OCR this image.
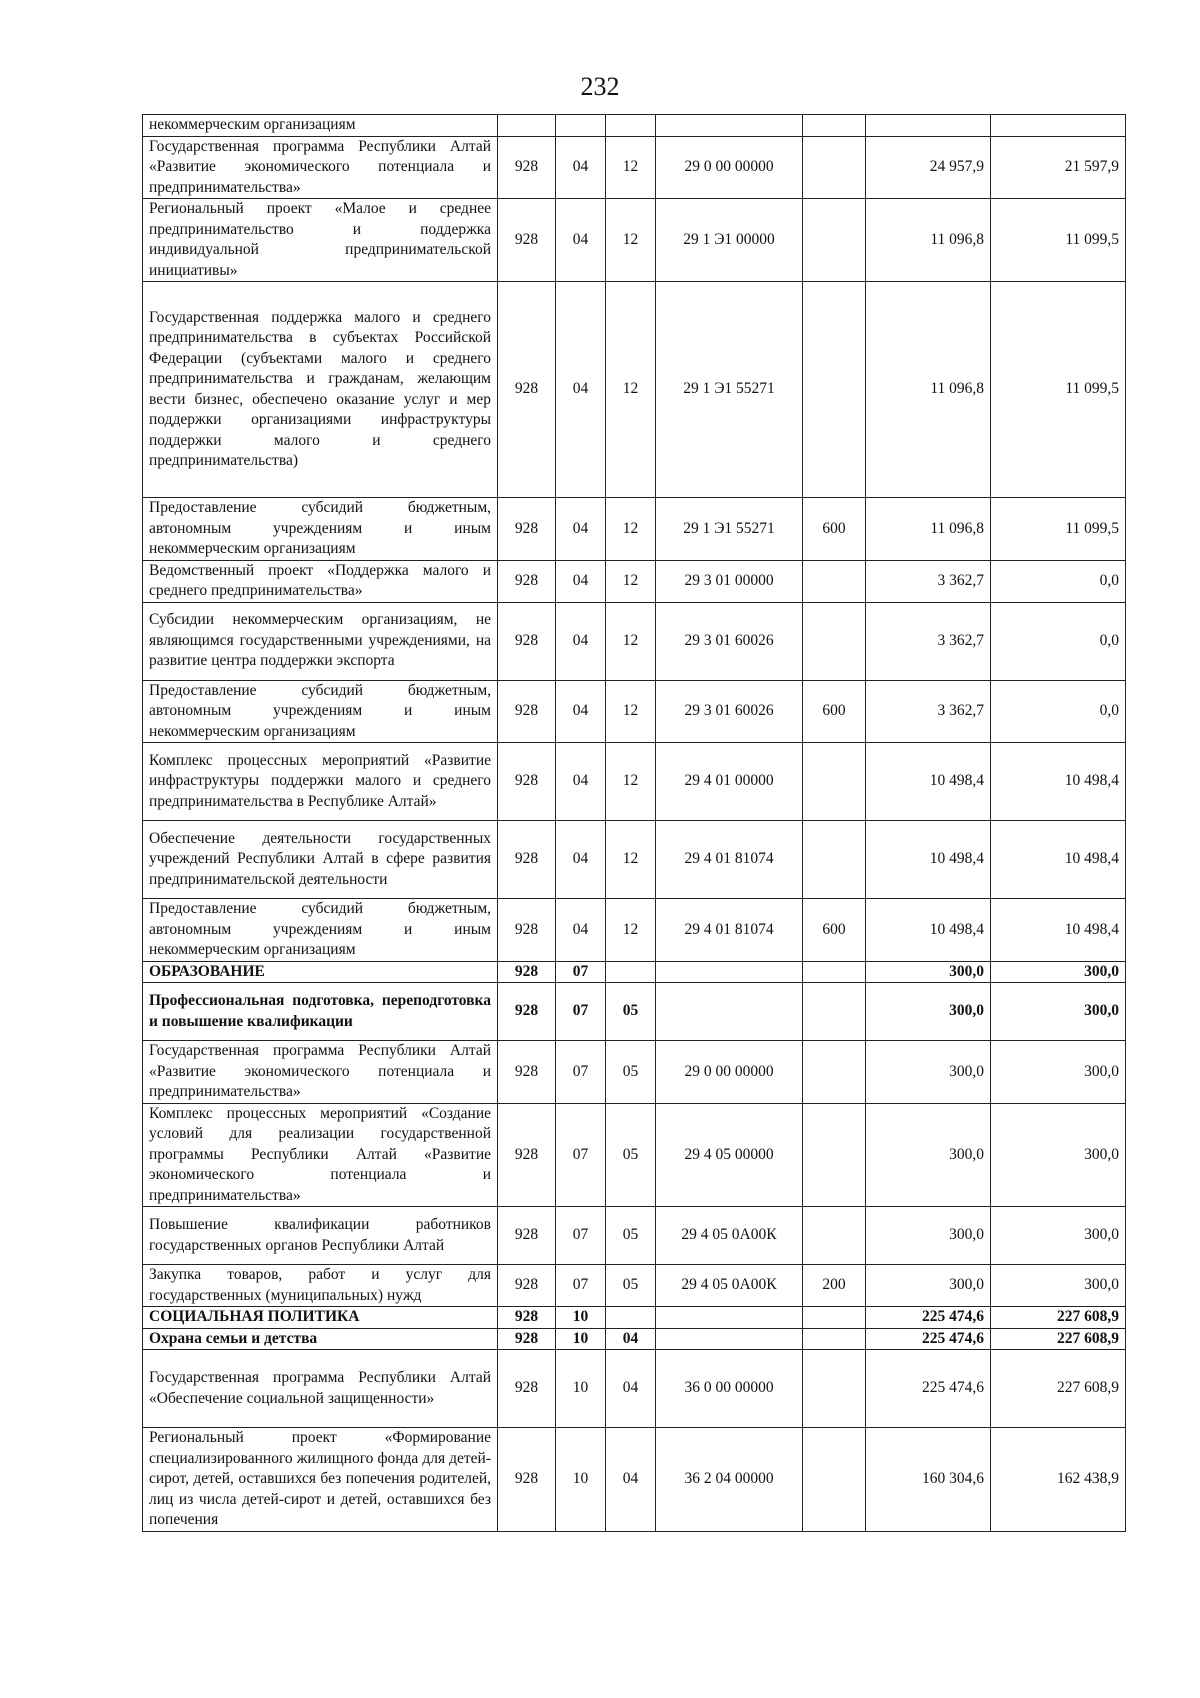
232
некоммерческим организациям							
Государственная программа Республики Алтай «Развитие экономического потенциала и предпринимательства»	928	04	12	29 0 00 00000		24 957,9	21 597,9
Региональный проект «Малое и среднее предпринимательство и поддержка индивидуальной предпринимательской инициативы»	928	04	12	29 1 Э1 00000		11 096,8	11 099,5
Государственная поддержка малого и среднего предпринимательства в субъектах Российской Федерации (субъектами малого и среднего предпринимательства и гражданам, желающим вести бизнес, обеспечено оказание услуг и мер поддержки организациями инфраструктуры поддержки малого и среднего предпринимательства)	928	04	12	29 1 Э1 55271		11 096,8	11 099,5
Предоставление субсидий бюджетным, автономным учреждениям и иным некоммерческим организациям	928	04	12	29 1 Э1 55271	600	11 096,8	11 099,5
Ведомственный проект «Поддержка малого и среднего предпринимательства»	928	04	12	29 3 01 00000		3 362,7	0,0
Субсидии некоммерческим организациям, не являющимся государственными учреждениями, на развитие центра поддержки экспорта	928	04	12	29 3 01 60026		3 362,7	0,0
Предоставление субсидий бюджетным, автономным учреждениям и иным некоммерческим организациям	928	04	12	29 3 01 60026	600	3 362,7	0,0
Комплекс процессных мероприятий «Развитие инфраструктуры поддержки малого и среднего предпринимательства в Республике Алтай»	928	04	12	29 4 01 00000		10 498,4	10 498,4
Обеспечение деятельности государственных учреждений Республики Алтай в сфере развития предпринимательской деятельности	928	04	12	29 4 01 81074		10 498,4	10 498,4
Предоставление субсидий бюджетным, автономным учреждениям и иным некоммерческим организациям	928	04	12	29 4 01 81074	600	10 498,4	10 498,4
ОБРАЗОВАНИЕ	928	07				300,0	300,0
Профессиональная подготовка, переподготовка и повышение квалификации	928	07	05			300,0	300,0
Государственная программа Республики Алтай «Развитие экономического потенциала и предпринимательства»	928	07	05	29 0 00 00000		300,0	300,0
Комплекс процессных мероприятий «Создание условий для реализации государственной программы Республики Алтай «Развитие экономического потенциала и предпринимательства»	928	07	05	29 4 05 00000		300,0	300,0
Повышение квалификации работников государственных органов Республики Алтай	928	07	05	29 4 05 0А00К		300,0	300,0
Закупка товаров, работ и услуг для государственных (муниципальных) нужд	928	07	05	29 4 05 0А00К	200	300,0	300,0
СОЦИАЛЬНАЯ ПОЛИТИКА	928	10				225 474,6	227 608,9
Охрана семьи и детства	928	10	04			225 474,6	227 608,9
Государственная программа Республики Алтай «Обеспечение социальной защищенности»	928	10	04	36 0 00 00000		225 474,6	227 608,9
Региональный проект «Формирование специализированного жилищного фонда для детей-сирот, детей, оставшихся без попечения родителей, лиц из числа детей-сирот и детей, оставшихся без попечения	928	10	04	36 2 04 00000		160 304,6	162 438,9
